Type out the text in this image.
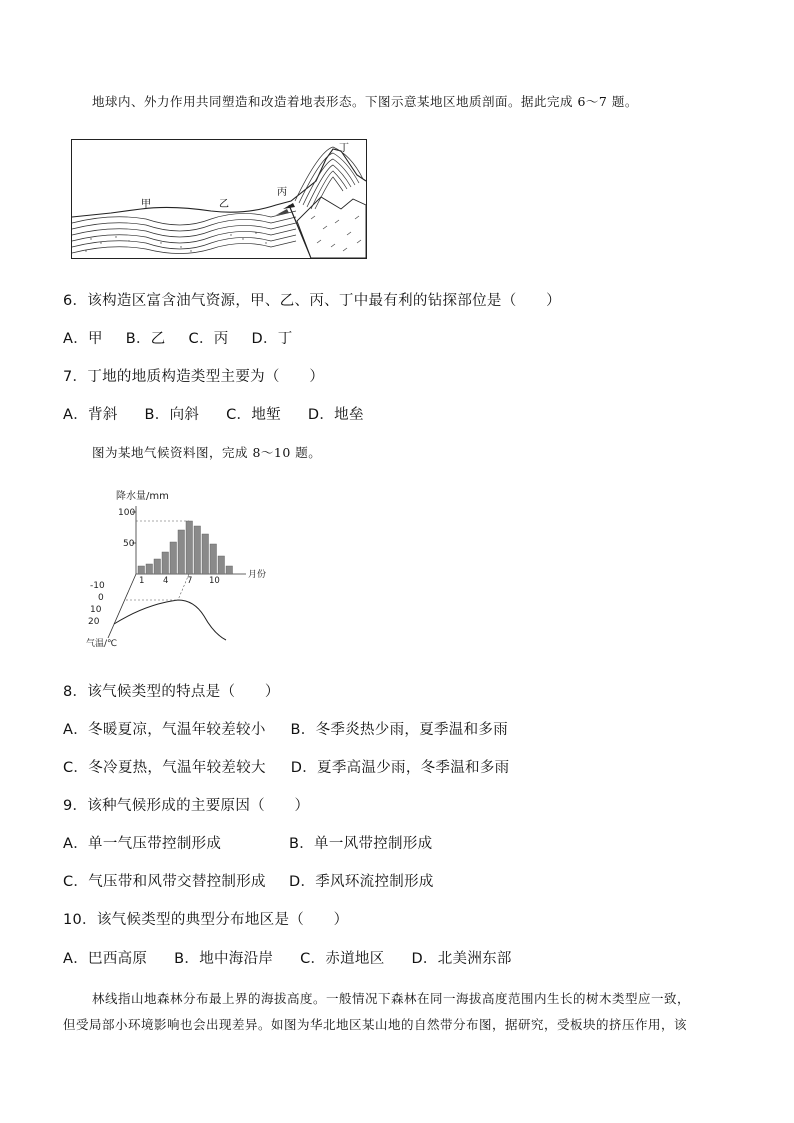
地球内、外力作用共同塑造和改造着地表形态。下图示意某地区地质剖面。据此完成 6～7 题。
甲	乙
丙
丁
6．该构造区富含油气资源，甲、乙、丙、丁中最有利的钻探部位是（　　）
A．甲 B．乙 C．丙 D．丁
7．丁地的地质构造类型主要为（　　）
A．背斜 B．向斜 C．地堑 D．地垒
图为某地气候资料图，完成 8～10 题。
降水量/mm
100
50
月份
1 4 7 10
-10
0
10
20
气温/℃
8．该气候类型的特点是（　　）
A．冬暖夏凉，气温年较差较小 B．冬季炎热少雨，夏季温和多雨
C．冬冷夏热，气温年较差较大 D．夏季高温少雨，冬季温和多雨
9．该种气候形成的主要原因（　　）
A．单一气压带控制形成	B．单一风带控制形成
C．气压带和风带交替控制形成 D．季风环流控制形成
10．该气候类型的典型分布地区是（　　）
A．巴西高原 B．地中海沿岸 C．赤道地区 D．北美洲东部
林线指山地森林分布最上界的海拔高度。一般情况下森林在同一海拔高度范围内生长的树木类型应一致，
但受局部小环境影响也会出现差异。如图为华北地区某山地的自然带分布图，据研究，受板块的挤压作用，该
